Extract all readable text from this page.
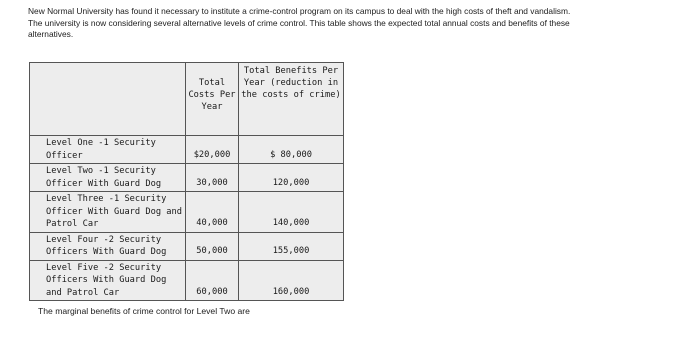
New Normal University has found it necessary to institute a crime-control program on its campus to deal with the high costs of theft and vandalism.

The university is now considering several alternative levels of crime control. This table shows the expected total annual costs and benefits of these

alternatives.

	Total Costs Per Year	Total Benefits Per Year (reduction in the costs of crime)
Level One -1 Security Officer	$20,000	$ 80,000
Level Two -1 Security Officer With Guard Dog	30,000	120,000
Level Three -1 Security Officer With Guard Dog and Patrol Car	40,000	140,000
Level Four -2 Security Officers With Guard Dog	50,000	155,000
Level Five -2 Security Officers With Guard Dog and Patrol Car	60,000	160,000
The marginal benefits of crime control for Level Two are
